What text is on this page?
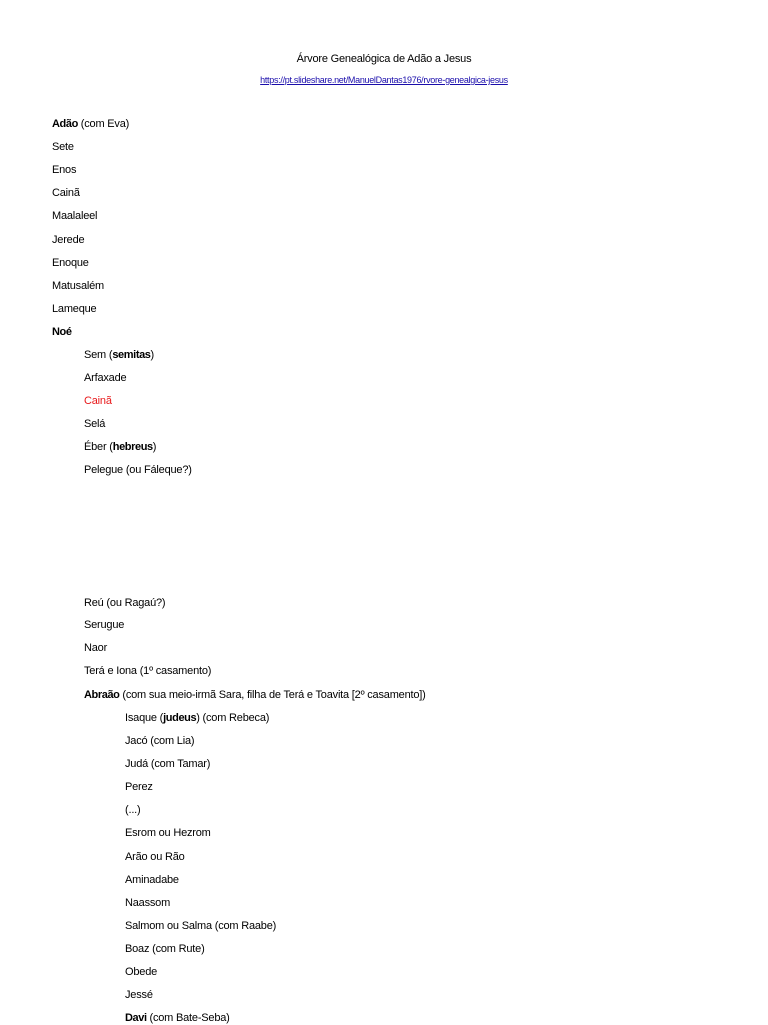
Árvore Genealógica de Adão a Jesus
https://pt.slideshare.net/ManuelDantas1976/rvore-genealgica-jesus
Adão (com Eva)
Sete
Enos
Cainã
Maalaleel
Jerede
Enoque
Matusalém
Lameque
Noé
Sem (semitas)
Arfaxade
Cainã
Selá
Éber (hebreus)
Pelegue (ou Fáleque?)
Reú (ou Ragaú?)
Serugue
Naor
Terá e Iona (1º casamento)
Abraão (com sua meio-irmã Sara, filha de Terá e Toavita [2º casamento])
Isaque (judeus) (com Rebeca)
Jacó (com Lia)
Judá (com Tamar)
Perez
(...)
Esrom ou Hezrom
Arão ou Rão
Aminadabe
Naassom
Salmom ou Salma (com Raabe)
Boaz (com Rute)
Obede
Jessé
Davi (com Bate-Seba)
